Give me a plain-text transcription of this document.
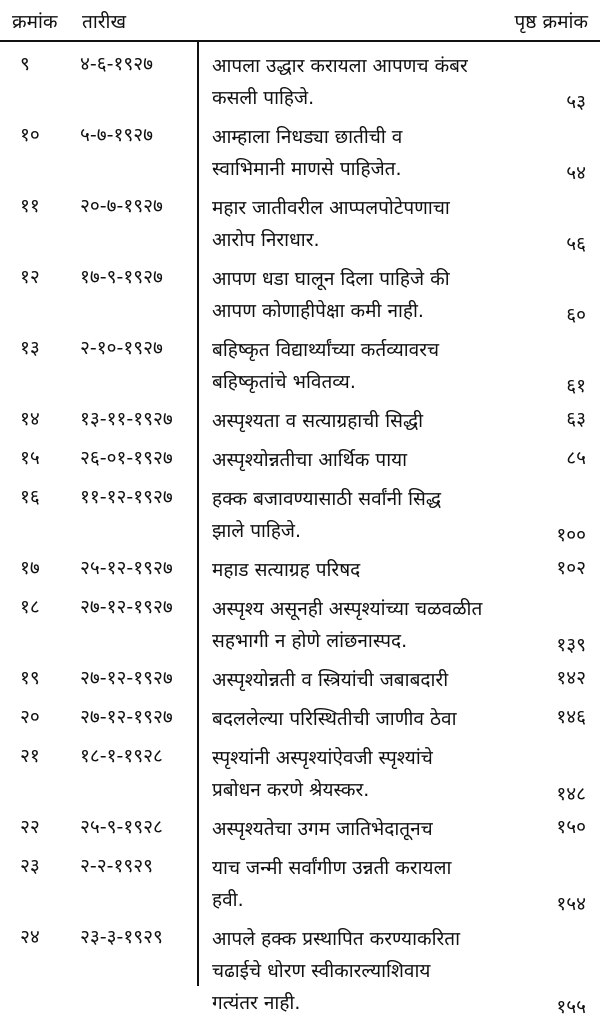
क्रमांक तारीख	पृष्ठ क्रमांक
९	४-६-१९२७	आपला उद्धार करायला आपणच कंबर
कसली पाहिजे.	५३
१० ५-७-१९२७	आम्हाला निधड्या छातीची व
स्वाभिमानी माणसे पाहिजेत.	५४
११ २०-७-१९२७	महार जातीवरील आप्पलपोटेपणाचा
आरोप निराधार.	५६
१२ १७-९-१९२७	आपण धडा घालून दिला पाहिजे की
आपण कोणाहीपेक्षा कमी नाही.	६०
१३ २-१०-१९२७	बहिष्कृत विद्यार्थ्यांच्या कर्तव्यावरच
बहिष्कृतांचे भवितव्य.	६१
१४ १३-११-१९२७ अस्पृश्यता व सत्याग्रहाची सिद्धी	६३
१५ २६-०१-१९२७ अस्पृश्योन्नतीचा आर्थिक पाया	८५
१६ ११-१२-१९२७ हक्क बजावण्यासाठी सर्वांनी सिद्ध
झाले पाहिजे.	१००
१७ २५-१२-१९२७ महाड सत्याग्रह परिषद	१०२
१८ २७-१२-१९२७ अस्पृश्य असूनही अस्पृश्यांच्या चळवळीत
सहभागी न होणे लांछनास्पद.	१३९
१९ २७-१२-१९२७ अस्पृश्योन्नती व स्त्रियांची जबाबदारी	१४२
२० २७-१२-१९२७ बदललेल्या परिस्थितीची जाणीव ठेवा	१४६
२१ १८-१-१९२८	स्पृश्यांनी अस्पृश्यांऐवजी स्पृश्यांचे
प्रबोधन करणे श्रेयस्कर.	१४८
२२ २५-९-१९२८	अस्पृश्यतेचा उगम जातिभेदातूनच	१५०
२३ २-२-१९२९	याच जन्मी सर्वांगीण उन्नती करायला
हवी.	१५४
२४ २३-३-१९२९	आपले हक्क प्रस्थापित करण्याकरिता
चढाईचे धोरण स्वीकारल्याशिवाय
गत्यंतर नाही.	१५५
